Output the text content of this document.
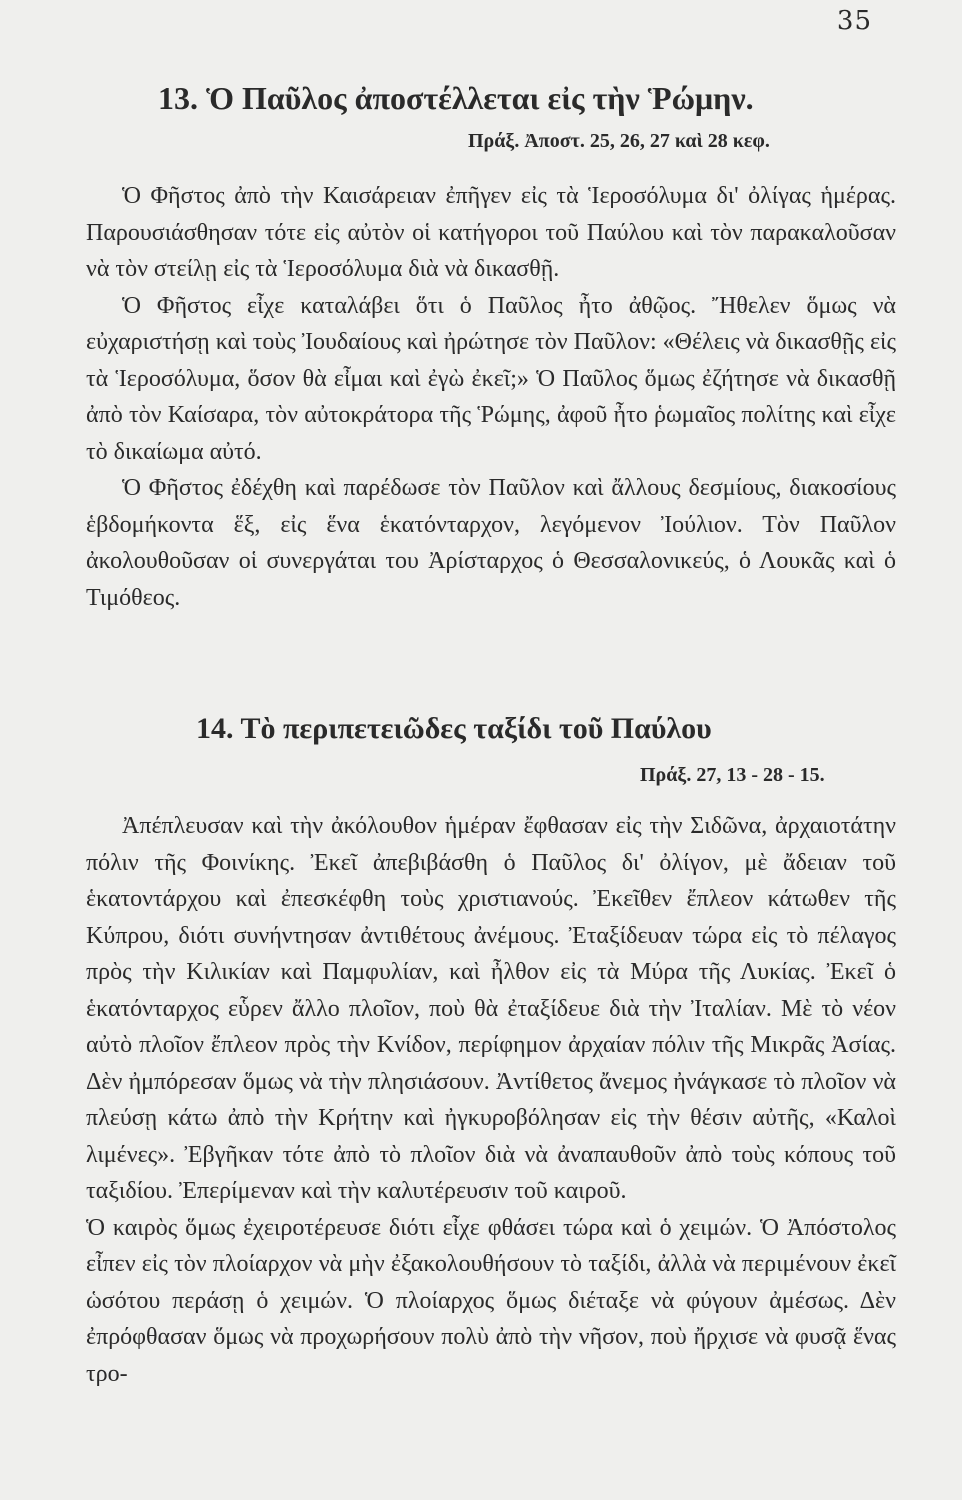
35
13. Ὁ Παῦλος ἀποστέλλεται εἰς τὴν Ῥώμην.
Πράξ. Ἀποστ. 25, 26, 27 καὶ 28 κεφ.

Ὁ Φῆστος ἀπὸ τὴν Καισάρειαν ἐπῆγεν εἰς τὰ Ἱεροσόλυμα δι' ὀλίγας ἡμέρας. Παρουσιάσθησαν τότε εἰς αὐτὸν οἱ κατήγοροι τοῦ Παύλου καὶ τὸν παρακαλοῦσαν νὰ τὸν στείλῃ εἰς τὰ Ἱεροσόλυμα διὰ νὰ δικασθῇ.

Ὁ Φῆστος εἶχε καταλάβει ὅτι ὁ Παῦλος ἦτο ἀθῷος. Ἤθελεν ὅμως νὰ εὐχαριστήσῃ καὶ τοὺς Ἰουδαίους καὶ ἠρώτησε τὸν Παῦλον: «Θέλεις νὰ δικασθῇς εἰς τὰ Ἱεροσόλυμα, ὅσον θὰ εἶμαι καὶ ἐγὼ ἐκεῖ;» Ὁ Παῦλος ὅμως ἐζήτησε νὰ δικασθῇ ἀπὸ τὸν Καίσαρα, τὸν αὐτοκράτορα τῆς Ῥώμης, ἀφοῦ ἦτο ῥωμαῖος πολίτης καὶ εἶχε τὸ δικαίωμα αὐτό.

Ὁ Φῆστος ἐδέχθη καὶ παρέδωσε τὸν Παῦλον καὶ ἄλλους δεσμίους, διακοσίους ἑβδομήκοντα ἕξ, εἰς ἕνα ἑκατόνταρχον, λεγόμενον Ἰούλιον. Τὸν Παῦλον ἀκολουθοῦσαν οἱ συνεργάται του Ἀρίσταρχος ὁ Θεσσαλονικεύς, ὁ Λουκᾶς καὶ ὁ Τιμόθεος.

14. Τὸ περιπετειῶδες ταξίδι τοῦ Παύλου
Πράξ. 27, 13 - 28 - 15.

Ἀπέπλευσαν καὶ τὴν ἀκόλουθον ἡμέραν ἔφθασαν εἰς τὴν Σιδῶνα, ἀρχαιοτάτην πόλιν τῆς Φοινίκης. Ἐκεῖ ἀπεβιβάσθη ὁ Παῦλος δι' ὀλίγον, μὲ ἄδειαν τοῦ ἑκατοντάρχου καὶ ἐπεσκέφθη τοὺς χριστιανούς. Ἐκεῖθεν ἔπλεον κάτωθεν τῆς Κύπρου, διότι συνήντησαν ἀντιθέτους ἀνέμους. Ἐταξίδευαν τώρα εἰς τὸ πέλαγος πρὸς τὴν Κιλικίαν καὶ Παμφυλίαν, καὶ ἦλθον εἰς τὰ Μύρα τῆς Λυκίας. Ἐκεῖ ὁ ἑκατόνταρχος εὗρεν ἄλλο πλοῖον, ποὺ θὰ ἐταξίδευε διὰ τὴν Ἰταλίαν. Μὲ τὸ νέον αὐτὸ πλοῖον ἔπλεον πρὸς τὴν Κνίδον, περίφημον ἀρχαίαν πόλιν τῆς Μικρᾶς Ἀσίας. Δὲν ἠμπόρεσαν ὅμως νὰ τὴν πλησιάσουν. Ἀντίθετος ἄνεμος ἠνάγκασε τὸ πλοῖον νὰ πλεύσῃ κάτω ἀπὸ τὴν Κρήτην καὶ ἠγκυροβόλησαν εἰς τὴν θέσιν αὐτῆς, «Καλοὶ λιμένες». Ἐβγῆκαν τότε ἀπὸ τὸ πλοῖον διὰ νὰ ἀναπαυθοῦν ἀπὸ τοὺς κόπους τοῦ ταξιδίου. Ἐπερίμεναν καὶ τὴν καλυτέρευσιν τοῦ καιροῦ.

Ὁ καιρὸς ὅμως ἐχειροτέρευσε διότι εἶχε φθάσει τώρα καὶ ὁ χειμών. Ὁ Ἀπόστολος εἶπεν εἰς τὸν πλοίαρχον νὰ μὴν ἐξακολουθήσουν τὸ ταξίδι, ἀλλὰ νὰ περιμένουν ἐκεῖ ὡσότου περάσῃ ὁ χειμών. Ὁ πλοίαρχος ὅμως διέταξε νὰ φύγουν ἀμέσως. Δὲν ἐπρόφθασαν ὅμως νὰ προχωρήσουν πολὺ ἀπὸ τὴν νῆσον, ποὺ ἤρχισε νὰ φυσᾷ ἕνας τρο-
